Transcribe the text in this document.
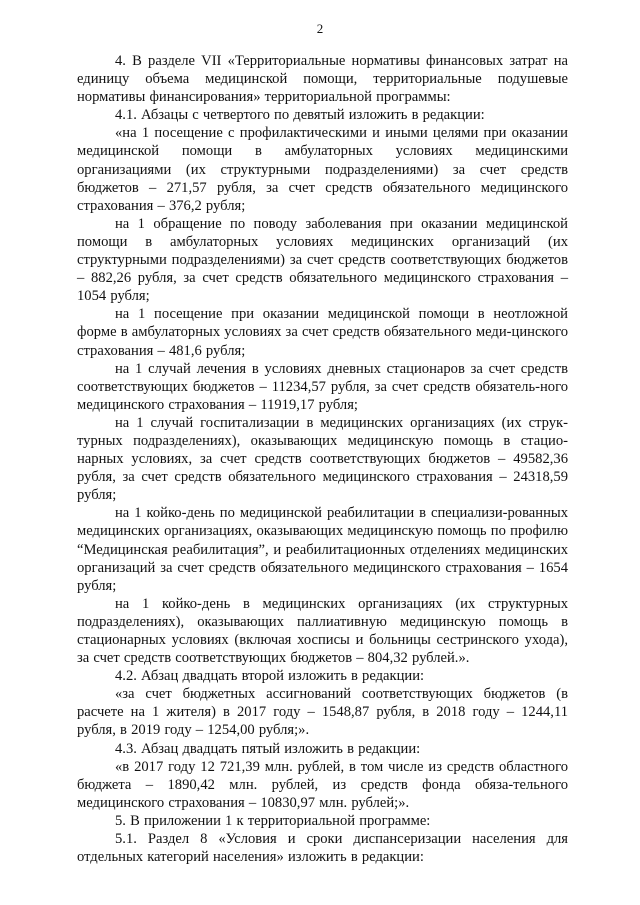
2

4. В разделе VII «Территориальные нормативы финансовых затрат на единицу объема медицинской помощи, территориальные подушевые нормативы финансирования» территориальной программы:

4.1. Абзацы с четвертого по девятый изложить в редакции:

«на 1 посещение с профилактическими и иными целями при оказании медицинской помощи в амбулаторных условиях медицинскими организациями (их структурными подразделениями) за счет средств бюджетов – 271,57 рубля, за счет средств обязательного медицинского страхования – 376,2 рубля;

на 1 обращение по поводу заболевания при оказании медицинской помощи в амбулаторных условиях медицинских организаций (их структурными подразделениями) за счет средств соответствующих бюджетов – 882,26 рубля, за счет средств обязательного медицинского страхования – 1054 рубля;

на 1 посещение при оказании медицинской помощи в неотложной форме в амбулаторных условиях за счет средств обязательного меди-цинского страхования – 481,6 рубля;

на 1 случай лечения в условиях дневных стационаров за счет средств соответствующих бюджетов – 11234,57 рубля, за счет средств обязатель-ного медицинского страхования – 11919,17 рубля;

на 1 случай госпитализации в медицинских организациях (их струк-турных подразделениях), оказывающих медицинскую помощь в стацио-нарных условиях, за счет средств соответствующих бюджетов – 49582,36 рубля, за счет средств обязательного медицинского страхования – 24318,59 рубля;

на 1 койко-день по медицинской реабилитации в специализи-рованных медицинских организациях, оказывающих медицинскую помощь по профилю “Медицинская реабилитация”, и реабилитационных отделениях медицинских организаций за счет средств обязательного медицинского страхования – 1654 рубля;

на 1 койко-день в медицинских организациях (их структурных подразделениях), оказывающих паллиативную медицинскую помощь в стационарных условиях (включая хосписы и больницы сестринского ухода), за счет средств соответствующих бюджетов – 804,32 рублей.».

4.2. Абзац двадцать второй изложить в редакции:

«за счет бюджетных ассигнований соответствующих бюджетов (в расчете на 1 жителя) в 2017 году – 1548,87 рубля, в 2018 году – 1244,11 рубля, в 2019 году – 1254,00 рубля;».

4.3. Абзац двадцать пятый изложить в редакции:

«в 2017 году 12 721,39 млн. рублей, в том числе из средств областного бюджета – 1890,42 млн. рублей, из средств фонда обяза-тельного медицинского страхования – 10830,97 млн. рублей;».

5. В приложении 1 к территориальной программе:

5.1. Раздел 8 «Условия и сроки диспансеризации населения для отдельных категорий населения» изложить в редакции:
